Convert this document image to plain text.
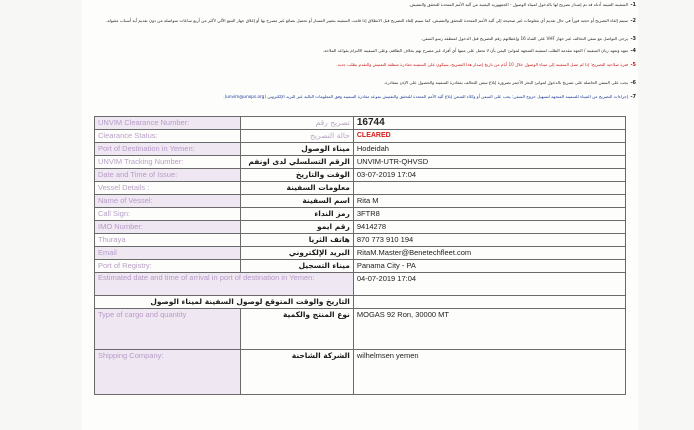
1-السفينة المبينة أدناه قد تم إصدار تصريح لها بالدخول لميناء الوصول - الجمهورية اليمنية من آلية الأمم المتحدة للتحقق والتفتيش.
2-سيتم إلغاء التصريح أو حجبه فوراً في حال تقديم أي معلومات غير صحيحة إلى آلية الأمم المتحدة للتحقق والتفتيش، كما سيتم إلغاء التصريح قبل الانطلاق إذا قامت السفينة بتغيير المسار أو تحميل بضائع غير مصرح بها أو إغلاق جهاز التتبع الآلي لأكثر من أربع ساعات متواصلة من دون تقديم أية أسباب مقبولة.
3-يرجى التواصل مع سفن التحالف عبر جهاز VHF على القناة 16 وإعطائهم رقم التصريح قبل الدخول لمنطقة رسو السفن.
4-تعهد وتعهد ربان السفينة / الجهة مقدمة الطلب لسفينة المتجهة لموانئ اليمن بأن لا تحمل على متنها أي أفراد غير مصرح بهم بخلاف الطاقم، وعلى السفينة الالتزام بقواعد الملاحة.
5-فترة صلاحية التصريح: إذا لم تصل السفينة إلى ميناء الوصول خلال 10 أيام من تاريخ إصدار هذا التصريح، سيكون على السفينة مغادرة منطقة التفتيش والتقدم بطلب جديد.
6-يجب على السفن الحاصلة على تصريح بالدخول لموانئ البحر الأحمر بضرورة إبلاغ سفن التحالف بمغادرة السفينة والحصول على الإذن بمغادرة.
7-إجراءات التصريح من الميناء للسفينة المتجهة لتسهيل خروج السفن: يجب على السفن أو وكلاء الشحن إبلاغ آلية الأمم المتحدة للتحقق والتفتيش بموعد مغادرة السفينة وفق المعلومات التالية عبر البريد الإلكتروني (unvim@unops.org).
UNVIM Clearance Number:	تصريح رقم	16744
Clearance Status:	حالة التصريح	CLEARED
Port of Destination in Yemen:	ميناء الوصول	Hodeidah
UNVIM Tracking Number:	الرقم التسلسلي لدى اونفم	UNVIM-UTR-QHVSD
Date and Time of Issue:	الوقت والتاريخ	03-07-2019 17:04
Vessel Details :	معلومات السفينة	
Name of Vessel:	اسم السفينة	Rita M
Call Sign:	رمز النداء	3FTR8
IMO Number:	رقم ايمو	9414278
Thuraya	هاتف الثريا	870 773 910 194
Email	البريد الإلكتروني	RitaM.Master@Benetechfleet.com
Port of Registry:	ميناء التسجيل	Panama City - PA
Estimated date and time of arrival in port of destination in Yemen:		04-07-2019 17:04
التاريخ والوقت المتوقع لوصول السفينة لميناء الوصول		
Type of cargo and quantity	نوع المنتج والكمية	MOGAS 92 Ron, 30000 MT
Shipping Company:	الشركة الشاحنة	wilhelmsen yemen
